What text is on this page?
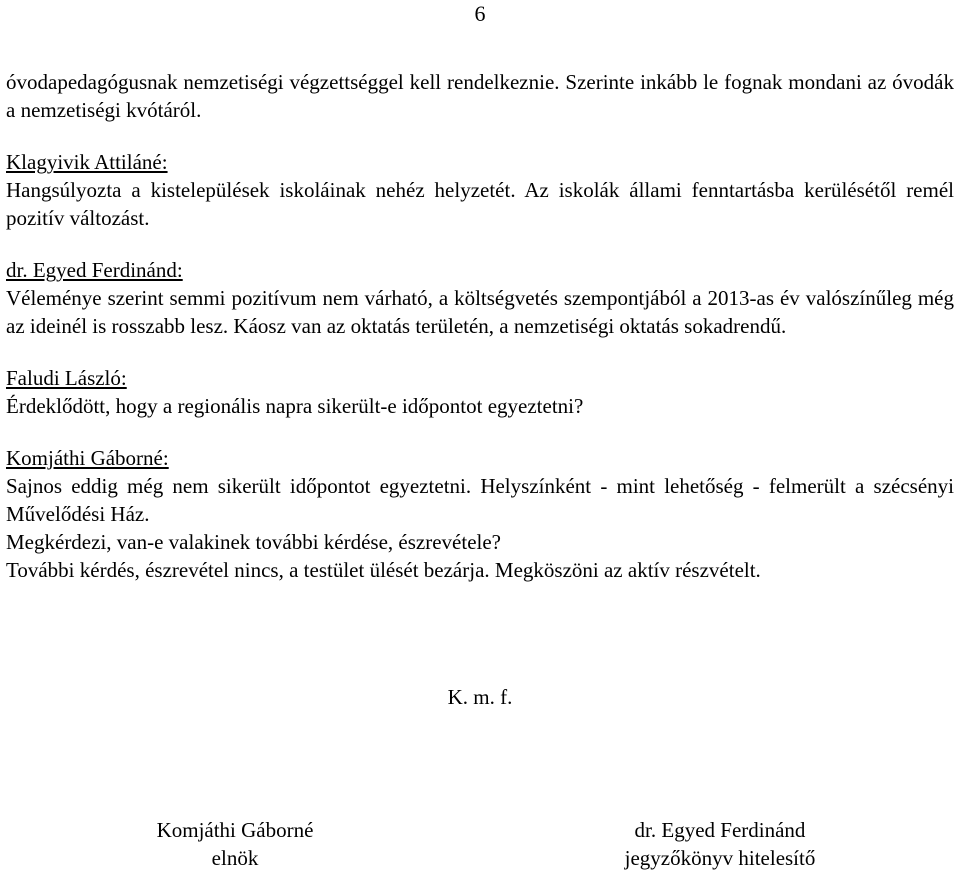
6

óvodapedagógusnak nemzetiségi végzettséggel kell rendelkeznie. Szerinte inkább le fognak mondani az óvodák a nemzetiségi kvótáról.

Klagyivik Attiláné:

Hangsúlyozta a kistelepülések iskoláinak nehéz helyzetét. Az iskolák állami fenntartásba kerülésétől remél pozitív változást.

dr. Egyed Ferdinánd:

Véleménye szerint semmi pozitívum nem várható, a költségvetés szempontjából a 2013-as év valószínűleg még az ideinél is rosszabb lesz. Káosz van az oktatás területén, a nemzetiségi oktatás sokadrendű.

Faludi László:

Érdeklődött, hogy a regionális napra sikerült-e időpontot egyeztetni?

Komjáthi Gáborné:

Sajnos eddig még nem sikerült időpontot egyeztetni. Helyszínként - mint lehetőség - felmerült a szécsényi Művelődési Ház.

Megkérdezi, van-e valakinek további kérdése, észrevétele?

További kérdés, észrevétel nincs, a testület ülését bezárja. Megköszöni az aktív részvételt.

K. m. f.
Komjáthi Gáborné
elnök
dr. Egyed Ferdinánd
jegyzőkönyv hitelesítő
